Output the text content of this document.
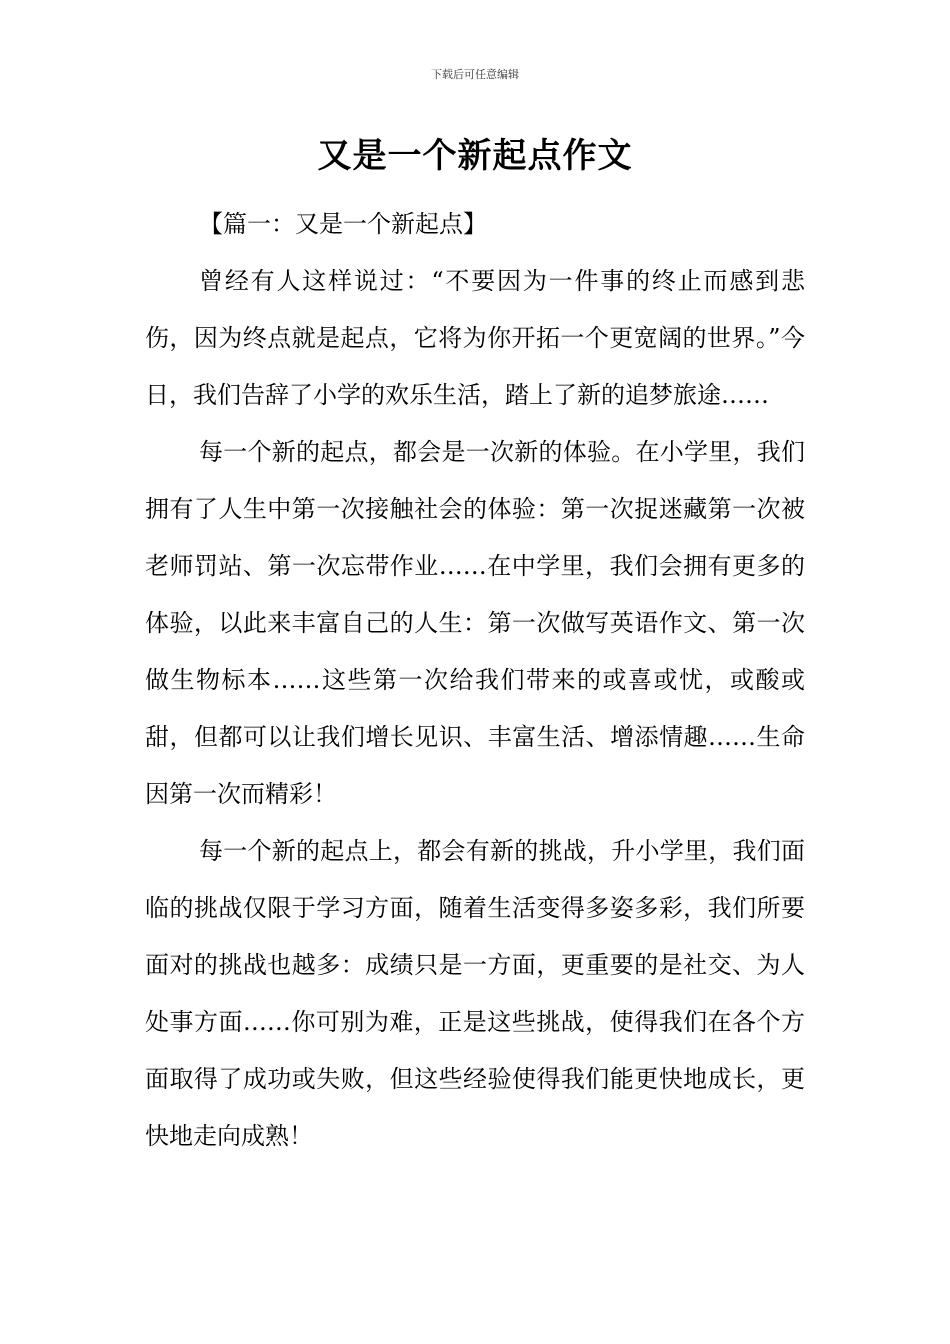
下载后可任意编辑
又是一个新起点作文

【篇一：又是一个新起点】

曾经有人这样说过：“不要因为一件事的终止而感到悲伤，因为终点就是起点，它将为你开拓一个更宽阔的世界。”今日，我们告辞了小学的欢乐生活，踏上了新的追梦旅途……

每一个新的起点，都会是一次新的体验。在小学里，我们拥有了人生中第一次接触社会的体验：第一次捉迷藏第一次被老师罚站、第一次忘带作业……在中学里，我们会拥有更多的体验，以此来丰富自己的人生：第一次做写英语作文、第一次做生物标本……这些第一次给我们带来的或喜或忧，或酸或甜，但都可以让我们增长见识、丰富生活、增添情趣……生命因第一次而精彩！

每一个新的起点上，都会有新的挑战，升小学里，我们面临的挑战仅限于学习方面，随着生活变得多姿多彩，我们所要面对的挑战也越多：成绩只是一方面，更重要的是社交、为人处事方面……你可别为难，正是这些挑战，使得我们在各个方面取得了成功或失败，但这些经验使得我们能更快地成长，更快地走向成熟！
